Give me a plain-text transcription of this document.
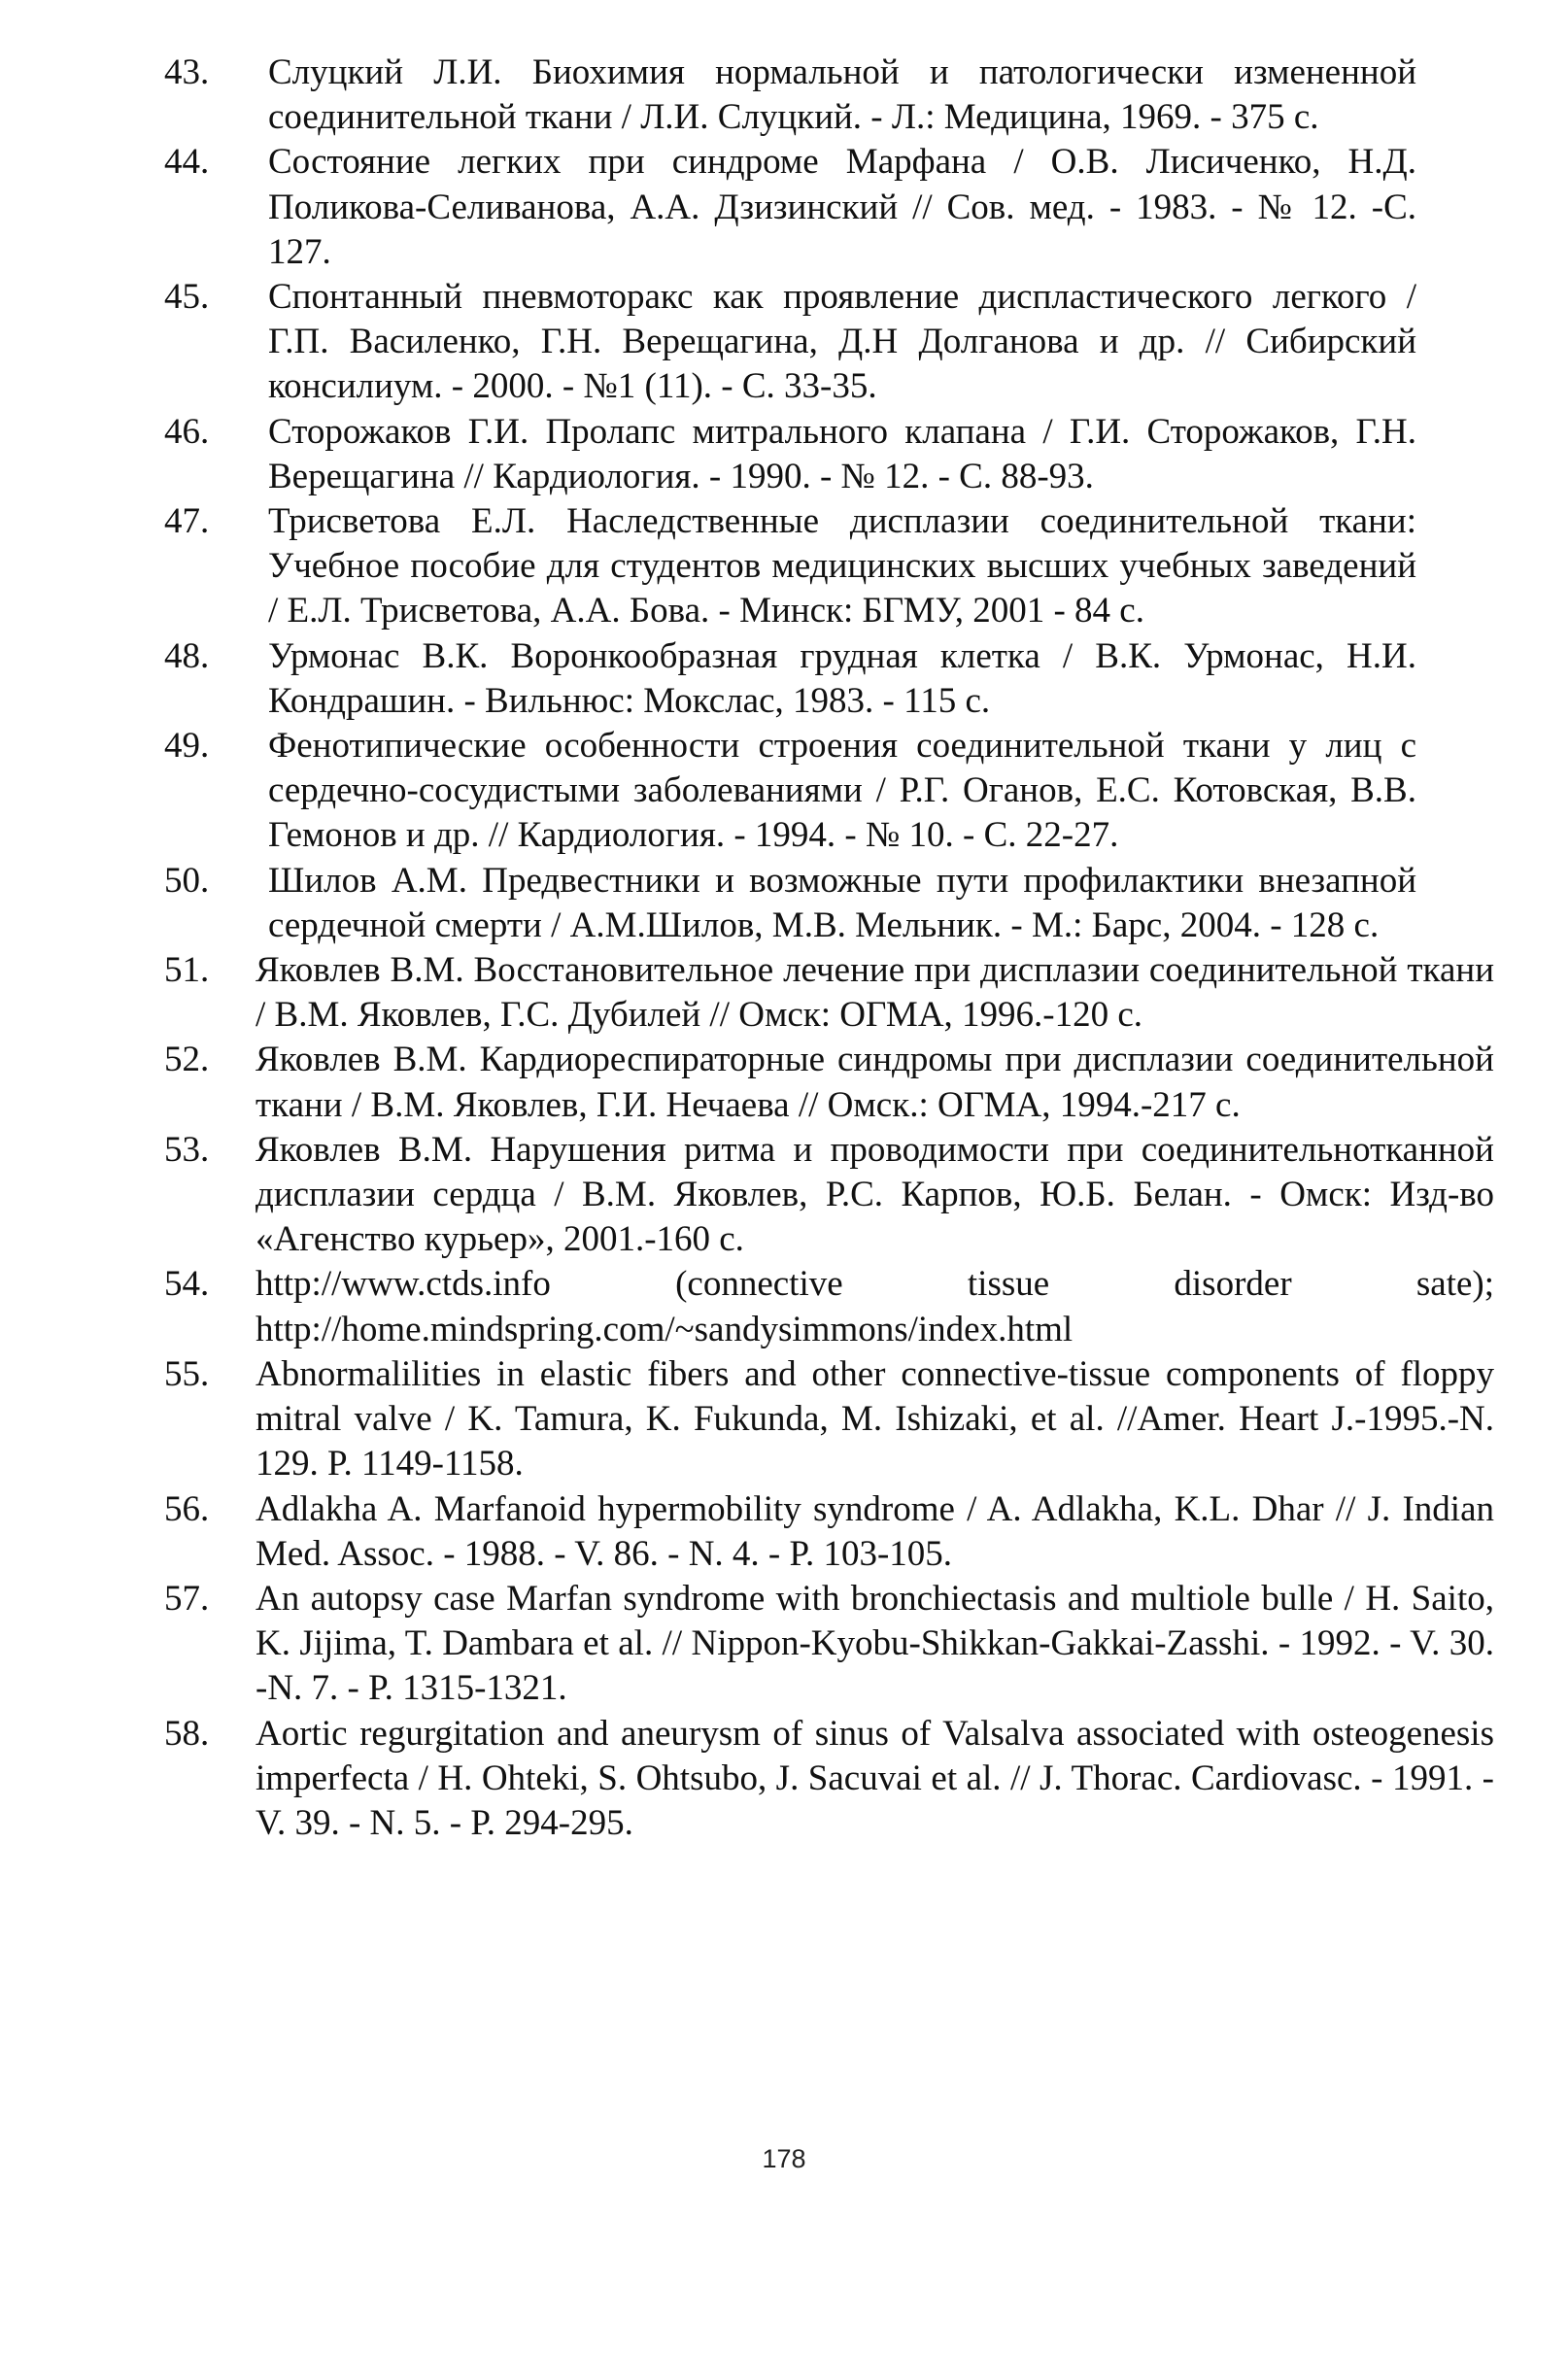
43. Слуцкий Л.И. Биохимия нормальной и патологически измененной соединительной ткани / Л.И. Слуцкий. - Л.: Медицина, 1969. - 375 с.
44. Состояние легких при синдроме Марфана / О.В. Лисиченко, Н.Д. Поликова-Селиванова, А.А. Дзизинский // Сов. мед. - 1983. - № 12. -С. 127.
45. Спонтанный пневмоторакс как проявление диспластического легкого / Г.П. Василенко, Г.Н. Верещагина, Д.Н Долганова и др. // Сибирский консилиум. - 2000. - №1 (11). - С. 33-35.
46. Сторожаков Г.И. Пролапс митрального клапана / Г.И. Сторожаков, Г.Н. Верещагина // Кардиология. - 1990. - № 12. - С. 88-93.
47. Трисветова Е.Л. Наследственные дисплазии соединительной ткани: Учебное пособие для студентов медицинских высших учебных заведений / Е.Л. Трисветова, А.А. Бова. - Минск: БГМУ, 2001 - 84 с.
48. Урмонас В.К. Воронкообразная грудная клетка / В.К. Урмонас, Н.И. Кондрашин. - Вильнюс: Мокслас, 1983. - 115 с.
49. Фенотипические особенности строения соединительной ткани у лиц с сердечно-сосудистыми заболеваниями / Р.Г. Оганов, Е.С. Котовская, В.В. Гемонов и др. // Кардиология. - 1994. - № 10. - С. 22-27.
50. Шилов А.М. Предвестники и возможные пути профилактики внезапной сердечной смерти / А.М.Шилов, М.В. Мельник. - М.: Барс, 2004. - 128 с.
51. Яковлев В.М. Восстановительное лечение при дисплазии соединительной ткани / В.М. Яковлев, Г.С. Дубилей // Омск: ОГМА, 1996.-120 с.
52. Яковлев В.М. Кардиореспираторные синдромы при дисплазии соединительной ткани / В.М. Яковлев, Г.И. Нечаева // Омск.: ОГМА, 1994.-217 с.
53. Яковлев В.М. Нарушения ритма и проводимости при соединительнотканной дисплазии сердца / В.М. Яковлев, Р.С. Карпов, Ю.Б. Белан. - Омск: Изд-во «Агенство курьер», 2001.-160 с.
54. http://www.ctds.info (connective tissue disorder sate); http://home.mindspring.com/~sandysimmons/index.html
55. Abnormalilities in elastic fibers and other connective-tissue components of floppy mitral valve / K. Tamura, K. Fukunda, M. Ishizaki, et al. //Amer. Heart J.-1995.-N. 129. P. 1149-1158.
56. Adlakha A. Marfanoid hypermobility syndrome / A. Adlakha, K.L. Dhar // J. Indian Med. Assoc. - 1988. - V. 86. - N. 4. - P. 103-105.
57. An autopsy case Marfan syndrome with bronchiectasis and multiole bulle / H. Saito, K. Jijima, T. Dambara et al. // Nippon-Kyobu-Shikkan-Gakkai-Zasshi. - 1992. - V. 30. -N. 7. - P. 1315-1321.
58. Aortic regurgitation and aneurysm of sinus of Valsalva associated with osteogenesis imperfecta / H. Ohteki, S. Ohtsubo, J. Sacuvai et al. // J. Thorac. Cardiovasc. - 1991. - V. 39. - N. 5. - P. 294-295.
178
